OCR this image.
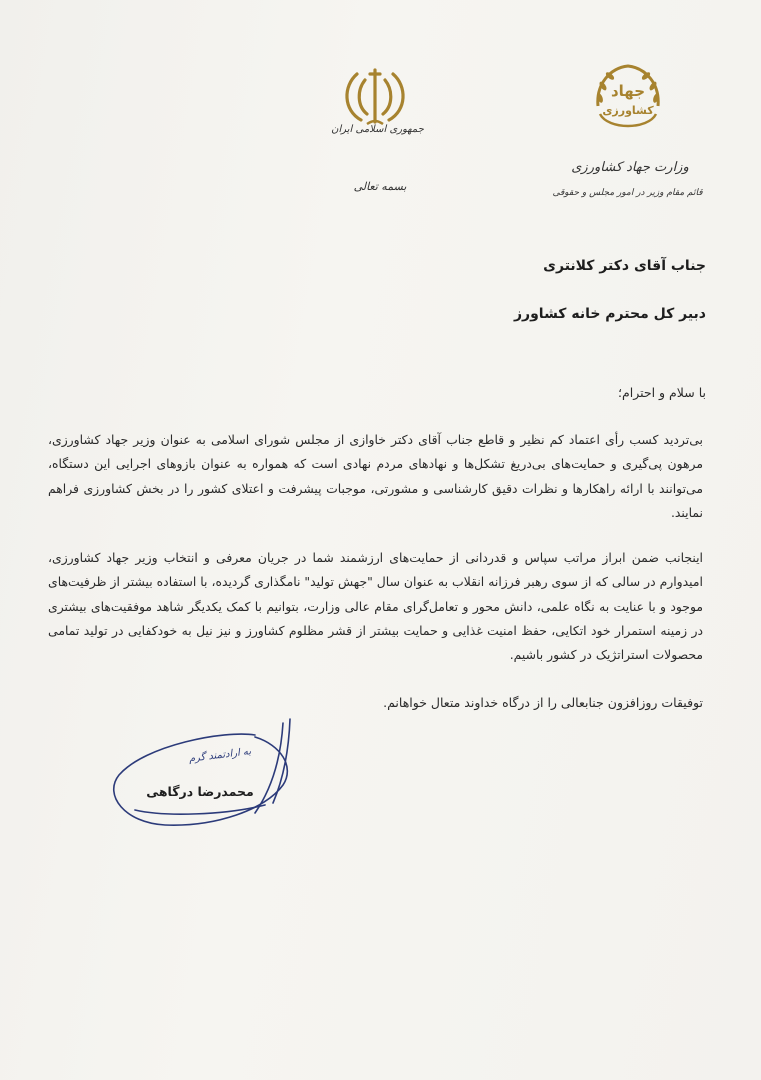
جمهوری اسلامی ایران
بسمه تعالی
جهاد
کشاورزی
وزارت جهاد کشاورزی
قائم مقام وزیر در امور مجلس و حقوقی
جناب آقای دکتر کلانتری
دبیر کل محترم خانه کشاورز
با سلام و احترام؛

بی‌تردید کسب رأی اعتماد کم نظیر و قاطع جناب آقای دکتر خاوازی از مجلس شورای اسلامی به عنوان وزیر جهاد کشاورزی، مرهون پی‌گیری و حمایت‌های بی‌دریغ تشکل‌ها و نهادهای مردم نهادی است که همواره به عنوان بازوهای اجرایی این دستگاه، می‌توانند با ارائه راهکارها و نظرات دقیق کارشناسی و مشورتی، موجبات پیشرفت و اعتلای کشور را در بخش کشاورزی فراهم نمایند.

اینجانب ضمن ابراز مراتب سپاس و قدردانی از حمایت‌های ارزشمند شما در جریان معرفی و انتخاب وزیر جهاد کشاورزی، امیدوارم در سالی که از سوی رهبر فرزانه انقلاب به عنوان سال "جهش تولید" نامگذاری گردیده، با استفاده بیشتر از ظرفیت‌های موجود و با عنایت به نگاه علمی، دانش محور و تعامل‌گرای مقام عالی وزارت، بتوانیم با کمک یکدیگر شاهد موفقیت‌های بیشتری در زمینه استمرار خود اتکایی، حفظ امنیت غذایی و حمایت بیشتر از قشر مظلوم کشاورز و نیز نیل به خودکفایی در تولید تمامی محصولات استراتژیک در کشور باشیم.

توفیقات روزافزون جنابعالی را از درگاه خداوند متعال خواهانم.
به ارادتمند گرم
محمدرضا درگاهی
